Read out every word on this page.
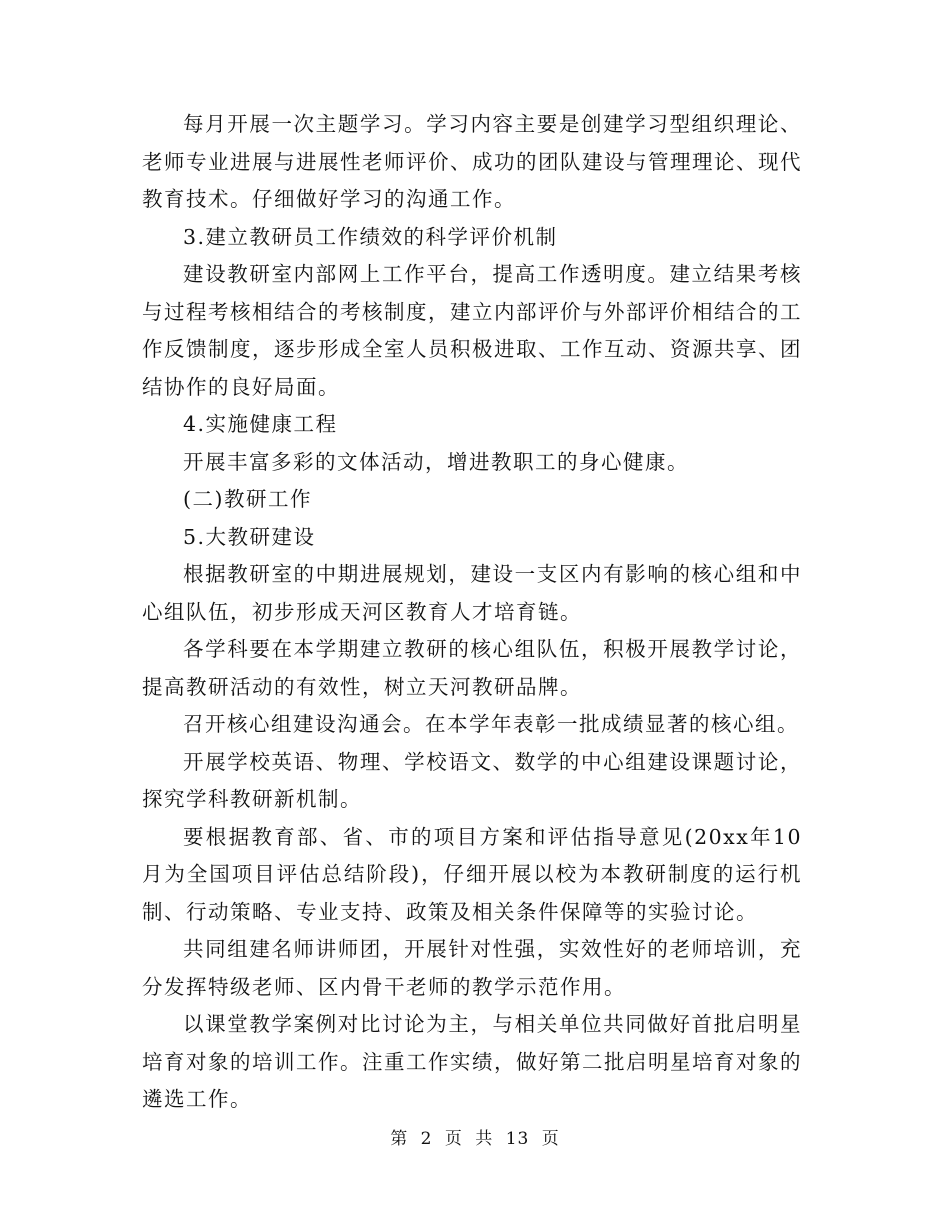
每月开展一次主题学习。学习内容主要是创建学习型组织理论、老师专业进展与进展性老师评价、成功的团队建设与管理理论、现代教育技术。仔细做好学习的沟通工作。

3.建立教研员工作绩效的科学评价机制

建设教研室内部网上工作平台，提高工作透明度。建立结果考核与过程考核相结合的考核制度，建立内部评价与外部评价相结合的工作反馈制度，逐步形成全室人员积极进取、工作互动、资源共享、团结协作的良好局面。

4.实施健康工程

开展丰富多彩的文体活动，增进教职工的身心健康。

(二)教研工作

5.大教研建设

根据教研室的中期进展规划，建设一支区内有影响的核心组和中心组队伍，初步形成天河区教育人才培育链。

各学科要在本学期建立教研的核心组队伍，积极开展教学讨论，提高教研活动的有效性，树立天河教研品牌。

召开核心组建设沟通会。在本学年表彰一批成绩显著的核心组。

开展学校英语、物理、学校语文、数学的中心组建设课题讨论，探究学科教研新机制。

要根据教育部、省、市的项目方案和评估指导意见(20xx年10月为全国项目评估总结阶段)，仔细开展以校为本教研制度的运行机制、行动策略、专业支持、政策及相关条件保障等的实验讨论。

共同组建名师讲师团，开展针对性强，实效性好的老师培训，充分发挥特级老师、区内骨干老师的教学示范作用。

以课堂教学案例对比讨论为主，与相关单位共同做好首批启明星培育对象的培训工作。注重工作实绩，做好第二批启明星培育对象的遴选工作。

第 2 页 共 13 页
